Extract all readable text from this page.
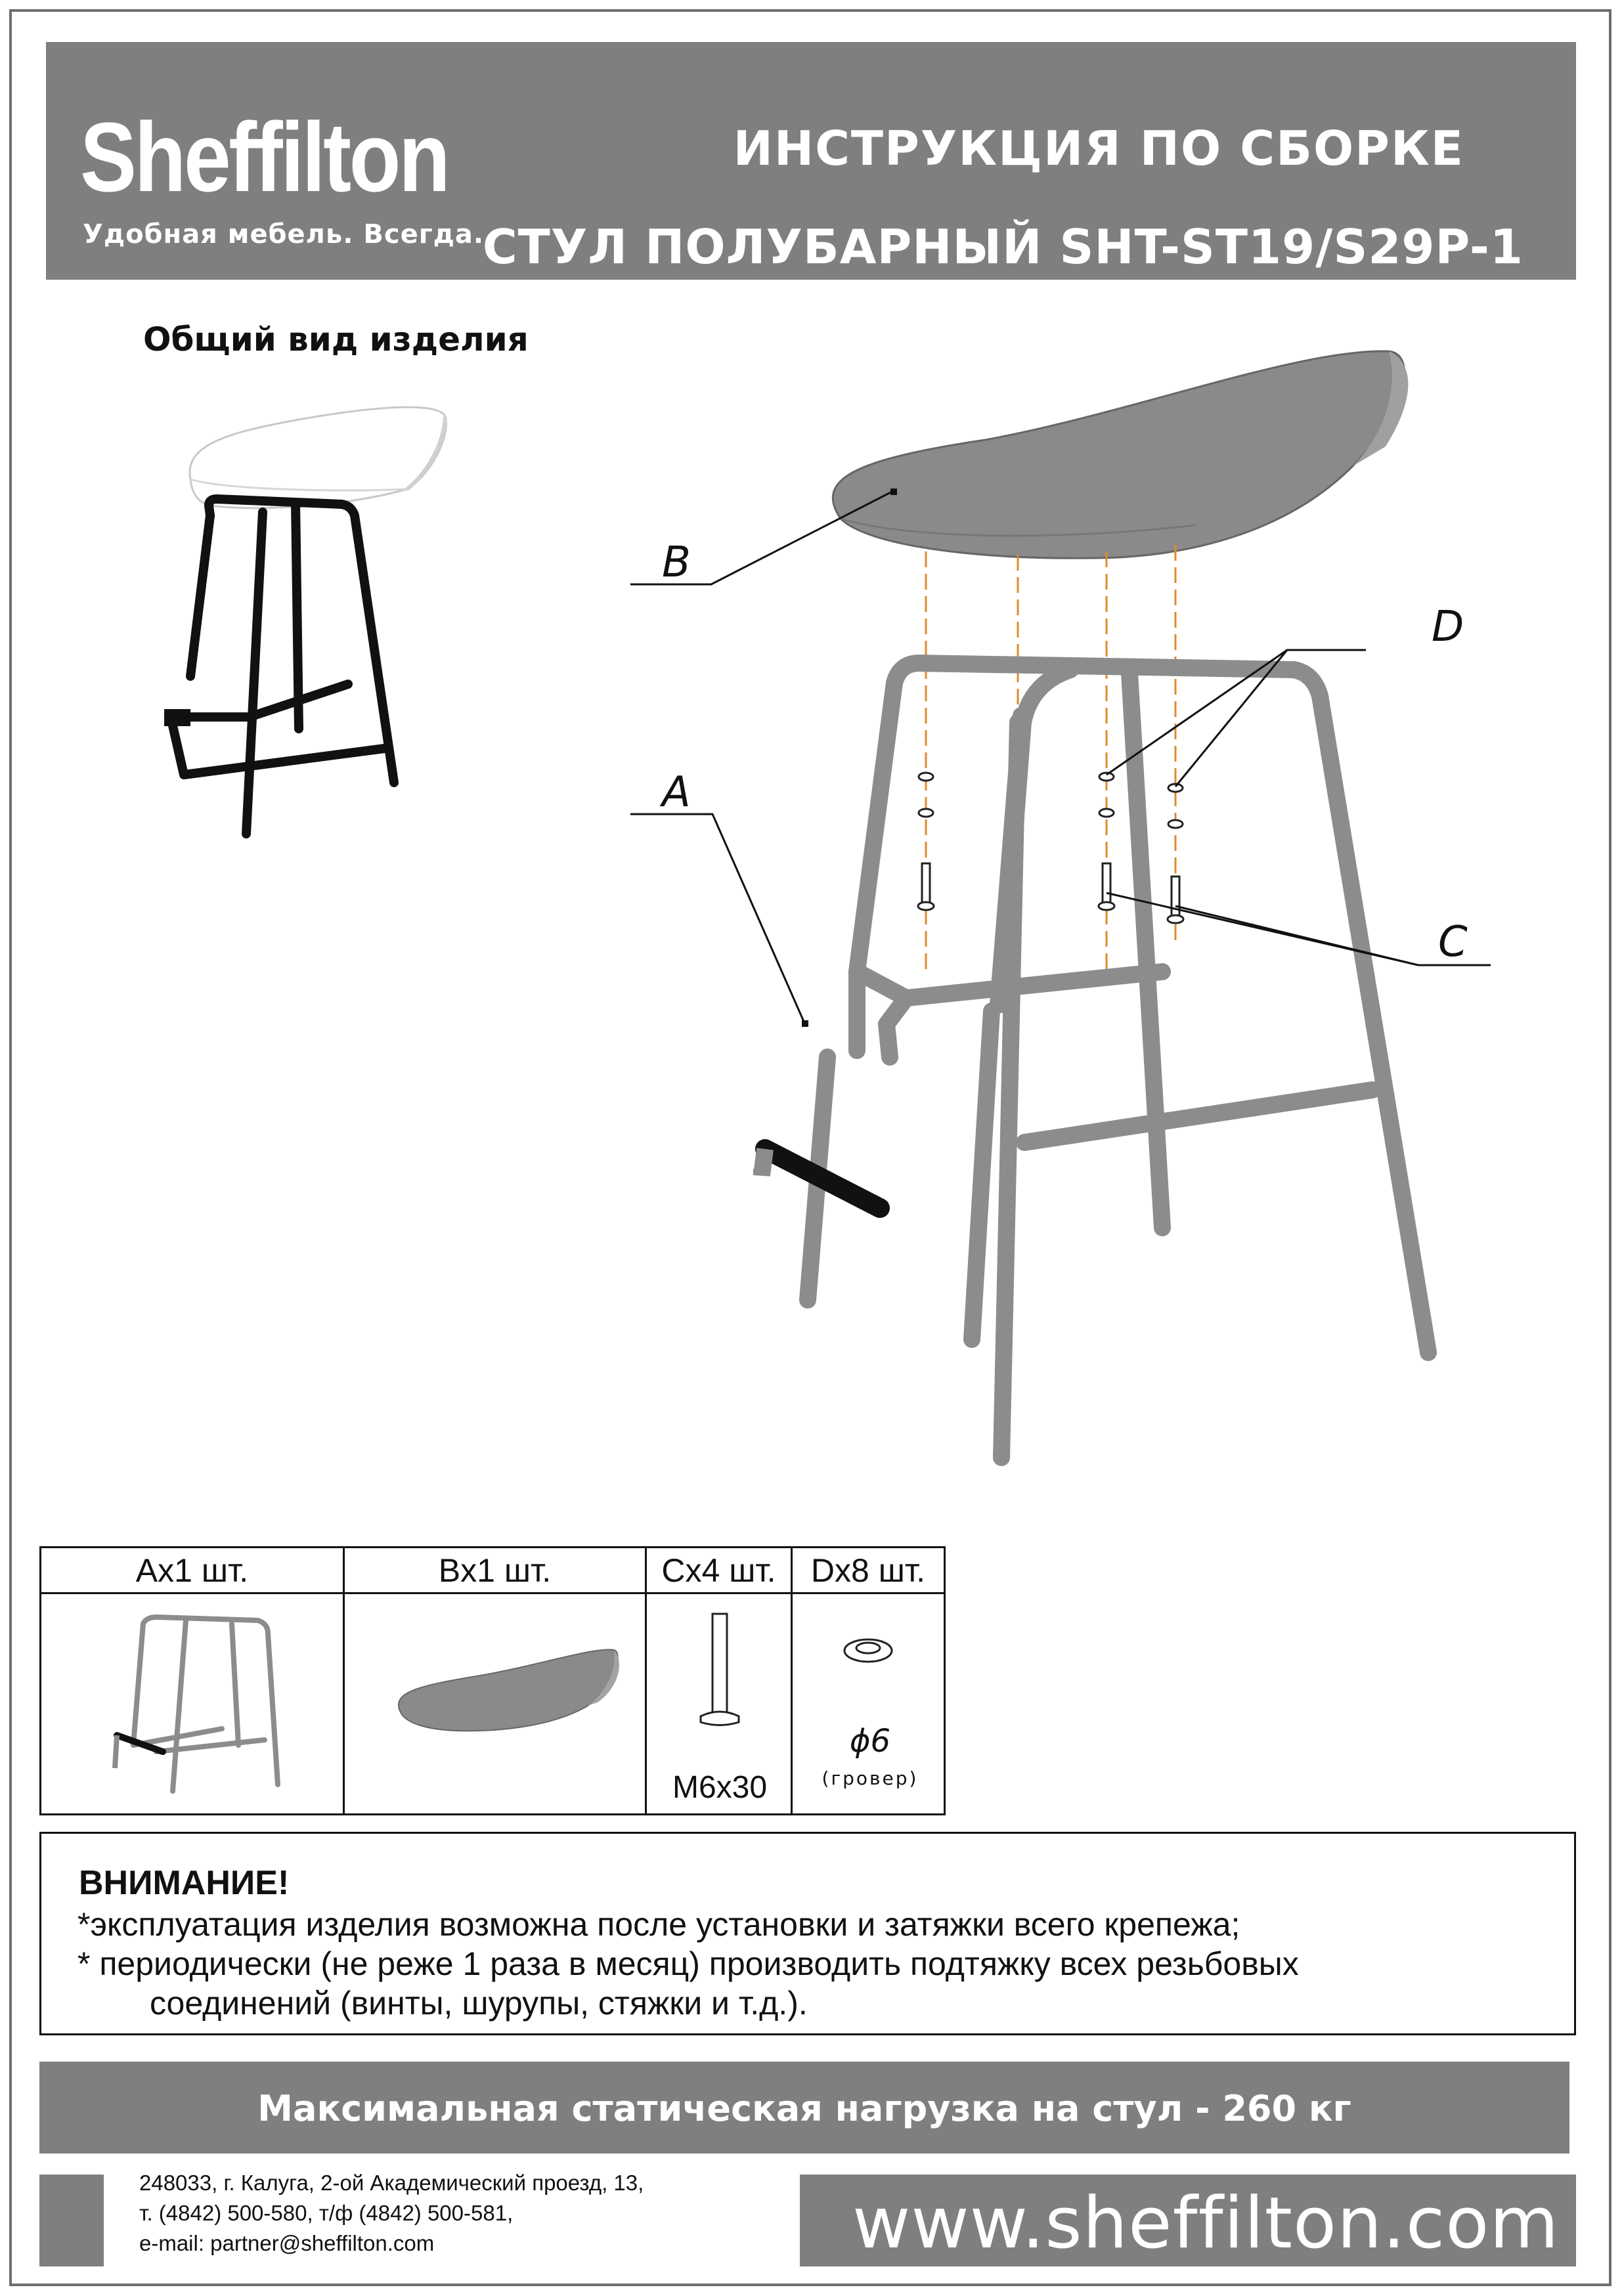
Sheffilton
Удобная мебель. Всегда.
ИНСТРУКЦИЯ ПО СБОРКЕ
СТУЛ ПОЛУБАРНЫЙ SHT-ST19/S29P-1
Общий вид изделия
B
A
D
C
Аx1 шт.	Вx1 шт.	Сx4 шт.	Dx8 шт.
M6x30
ϕ6
(гровер)
ВНИМАНИЕ!
*эксплуатация изделия возможна после установки и затяжки всего крепежа;
* периодически (не реже 1 раза в месяц) производить подтяжку всех резьбовых
соединений (винты, шурупы, стяжки и т.д.).
Максимальная статическая нагрузка на стул - 260 кг
248033, г. Калуга, 2-ой Академический проезд, 13,
т. (4842) 500-580, т/ф (4842) 500-581,
e-mail: partner@sheffilton.com	www.sheffilton.com
